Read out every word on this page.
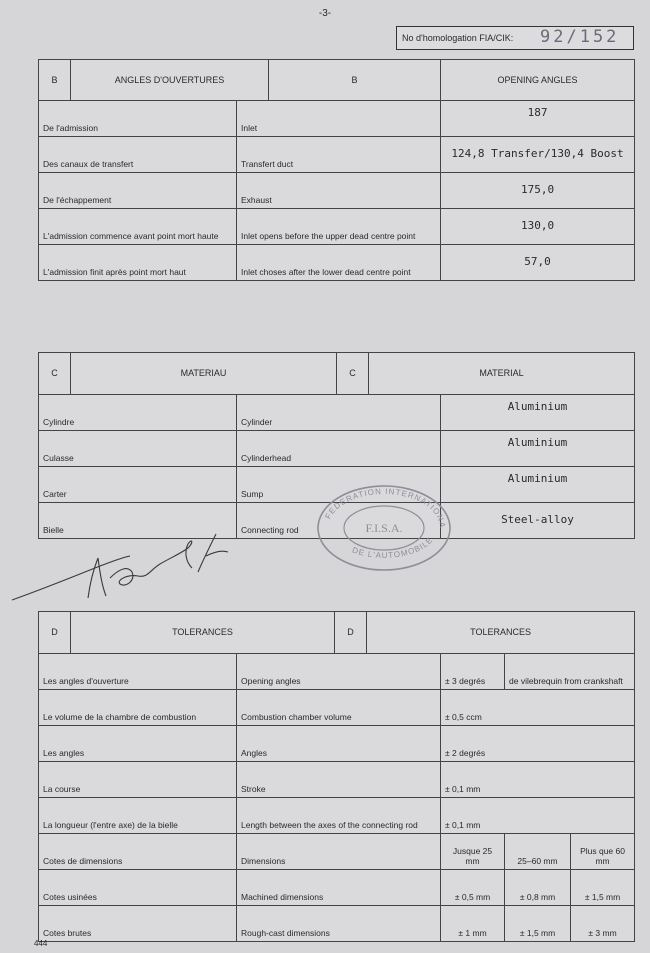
-3-
No d'homologation FIA/CIK: 92/152
B	ANGLES D'OUVERTURES		B	OPENING ANGLES
De l'admission		Inlet		187
Des canaux de transfert		Transfert duct		124,8 Transfer/130,4 Boost
De l'échappement		Exhaust		175,0
L'admission commence avant point mort haute		Inlet opens before the upper dead centre point		130,0
L'admission finit après point mort haut		Inlet choses after the lower dead centre point		57,0
C	MATERIAU		C	MATERIAL	
Cylindre		Cylinder			Aluminium
Culasse		Cylinderhead			Aluminium
Carter		Sump			Aluminium
Bielle		Connecting rod			Steel-alloy
D	TOLERANCES		D	TOLERANCES			
Les angles d'ouverture		Opening angles			± 3 degrés	de vilebrequin from crankshaft	
Le volume de la chambre de combustion		Combustion chamber volume			± 0,5 ccm		
Les angles		Angles			± 2 degrés		
La course		Stroke			± 0,1 mm		
La longueur (l'entre axe) de la bielle		Length between the axes of the connecting rod			± 0,1 mm		
Cotes de dimensions		Dimensions			Jusque 25 mm	25–60 mm	Plus que 60 mm
Cotes usinées		Machined dimensions			± 0,5 mm	± 0,8 mm	± 1,5 mm
Cotes brutes		Rough-cast dimensions			± 1 mm	± 1,5 mm	± 3 mm
FEDERATION INTERNATIONA
DE L'AUTOMOBILE
F.I.S.A.
444
